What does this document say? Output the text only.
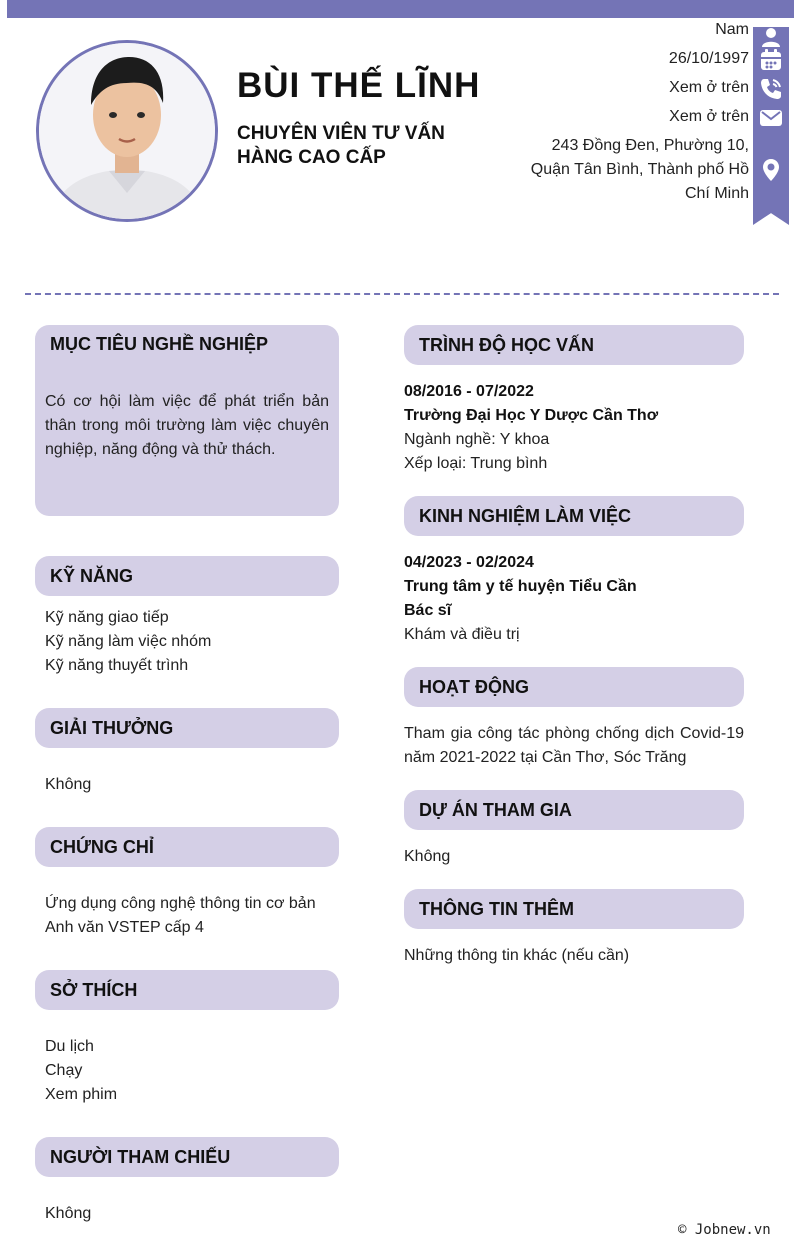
BÙI THẾ LĨNH
CHUYÊN VIÊN TƯ VẤN HÀNG CAO CẤP
Nam
26/10/1997
Xem ở trên
Xem ở trên
243 Đồng Đen, Phường 10, Quận Tân Bình, Thành phố Hồ Chí Minh
MỤC TIÊU NGHỀ NGHIỆP
Có cơ hội làm việc để phát triển bản thân trong môi trường làm việc chuyên nghiệp, năng động và thử thách.
KỸ NĂNG
Kỹ năng giao tiếp
Kỹ năng làm việc nhóm
Kỹ năng thuyết trình
GIẢI THƯỞNG
Không
CHỨNG CHỈ
Ứng dụng công nghệ thông tin cơ bản
Anh văn VSTEP cấp 4
SỞ THÍCH
Du lịch
Chạy
Xem phim
NGƯỜI THAM CHIẾU
Không
TRÌNH ĐỘ HỌC VẤN
08/2016 - 07/2022
Trường Đại Học Y Dược Cần Thơ
Ngành nghề: Y khoa
Xếp loại: Trung bình
KINH NGHIỆM LÀM VIỆC
04/2023 - 02/2024
Trung tâm y tế huyện Tiểu Cần
Bác sĩ
Khám và điều trị
HOẠT ĐỘNG
Tham gia công tác phòng chống dịch Covid-19 năm 2021-2022 tại Cần Thơ, Sóc Trăng
DỰ ÁN THAM GIA
Không
THÔNG TIN THÊM
Những thông tin khác (nếu cần)
© Jobnew.vn
